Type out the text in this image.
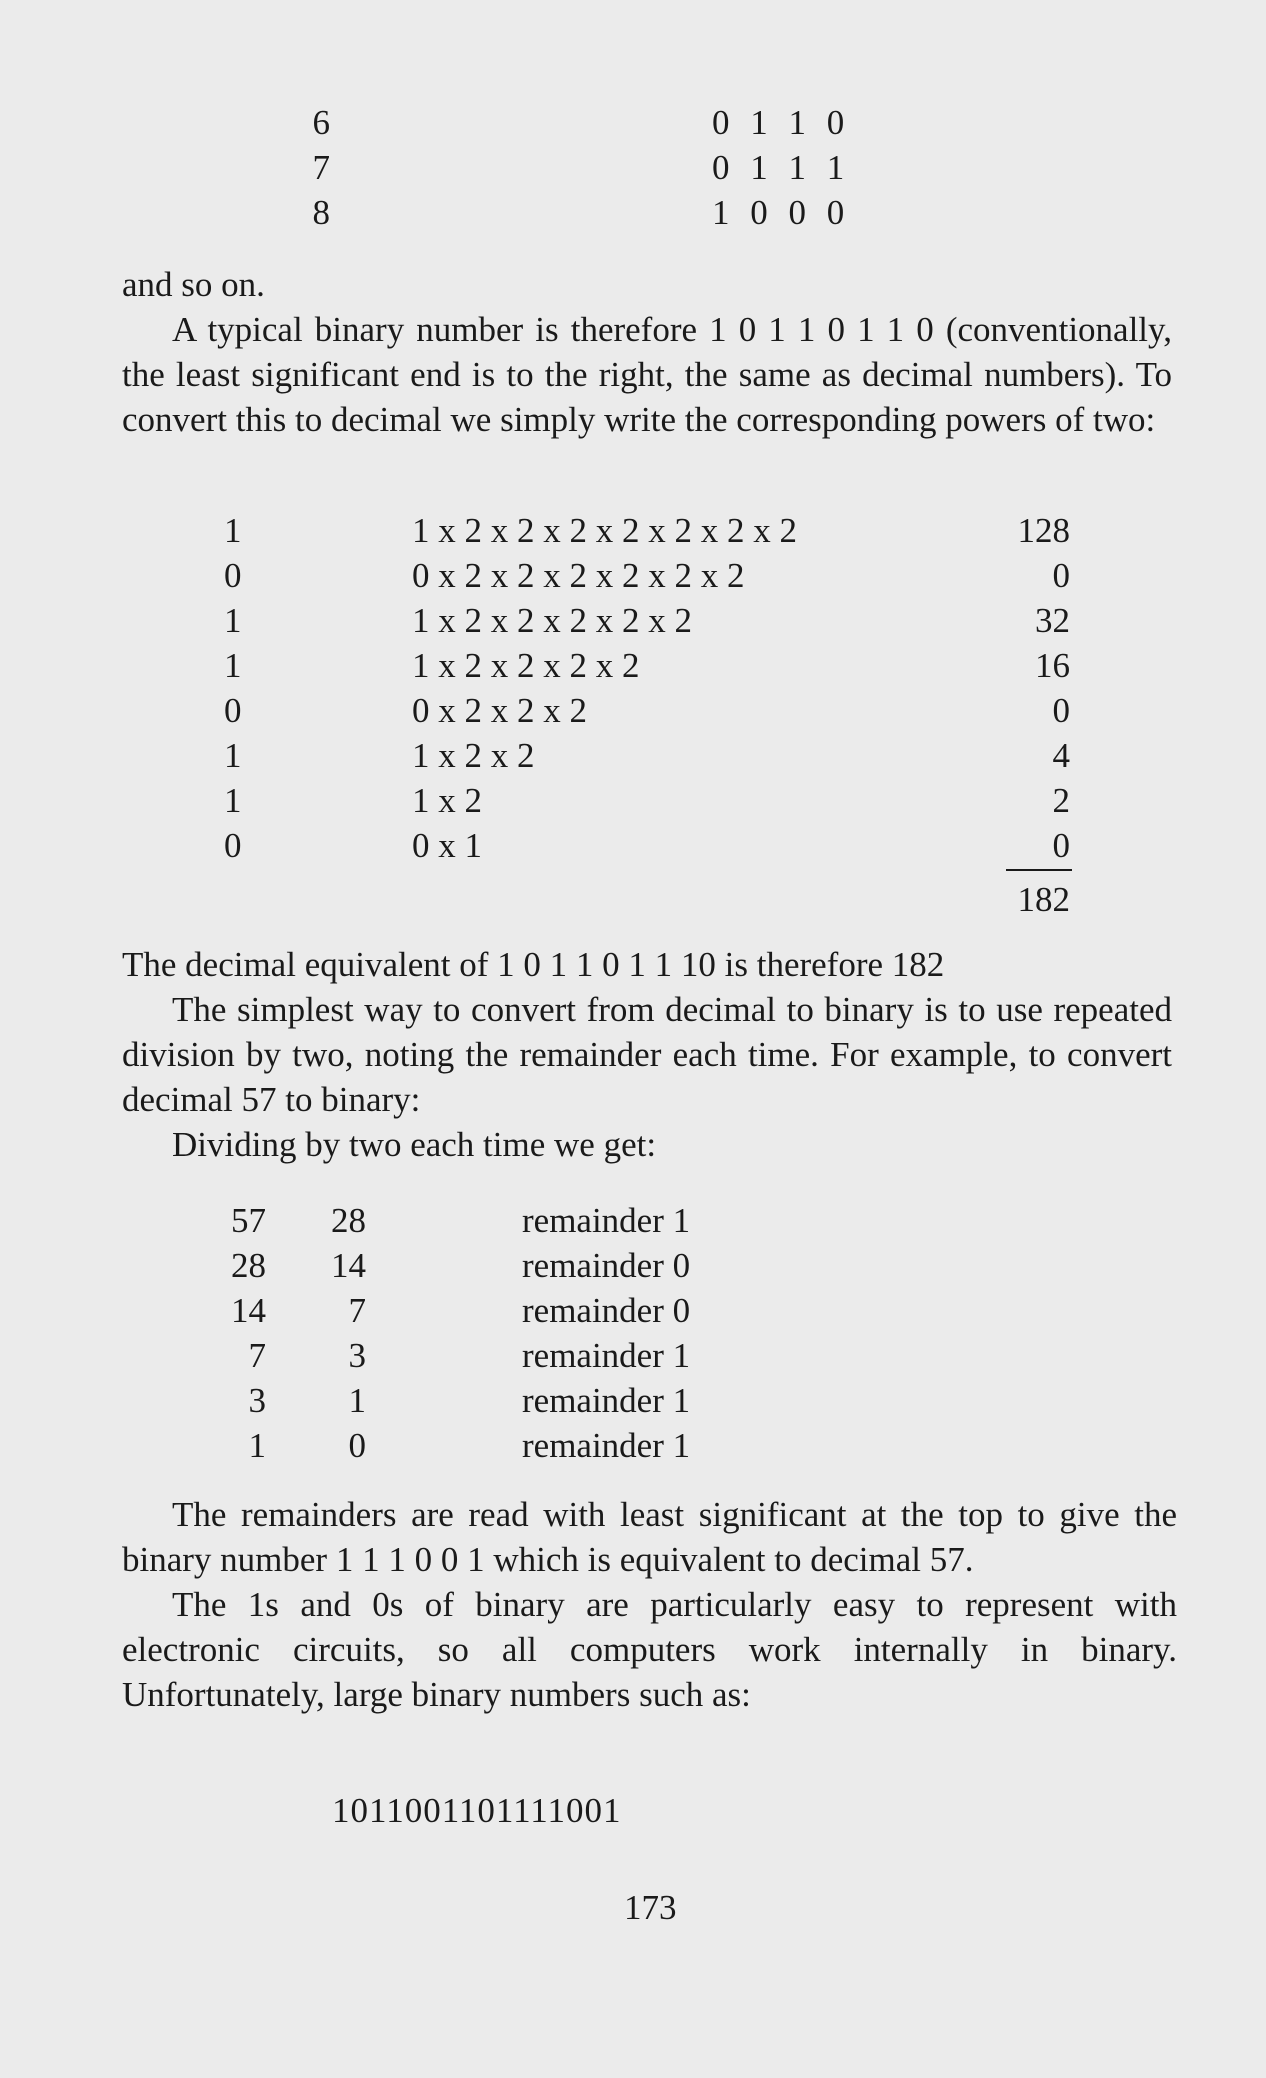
6	0 1 1 0
7	0 1 1 1
8	1 0 0 0

and so on.

A typical binary number is therefore 1 0 1 1 0 1 1 0 (conventionally, the least significant end is to the right, the same as decimal numbers). To convert this to decimal we simply write the corresponding powers of two:

1	1 x 2 x 2 x 2 x 2 x 2 x 2 x 2	128
0	0 x 2 x 2 x 2 x 2 x 2 x 2	0
1	1 x 2 x 2 x 2 x 2 x 2	32
1	1 x 2 x 2 x 2 x 2	16
0	0 x 2 x 2 x 2	0
1	1 x 2 x 2	4
1	1 x 2	2
0	0 x 1	0
182

The decimal equivalent of 1 0 1 1 0 1 1 10 is therefore 182

The simplest way to convert from decimal to binary is to use repeated division by two, noting the remainder each time. For example, to convert decimal 57 to binary:

Dividing by two each time we get:

57	28	remainder 1
28	14	remainder 0
14	7	remainder 0
7	3	remainder 1
3	1	remainder 1
1	0	remainder 1

The remainders are read with least significant at the top to give the binary number 1 1 1 0 0 1 which is equivalent to decimal 57.

The 1s and 0s of binary are particularly easy to represent with electronic circuits, so all computers work internally in binary. Unfortunately, large binary numbers such as:

1011001101111001
173
